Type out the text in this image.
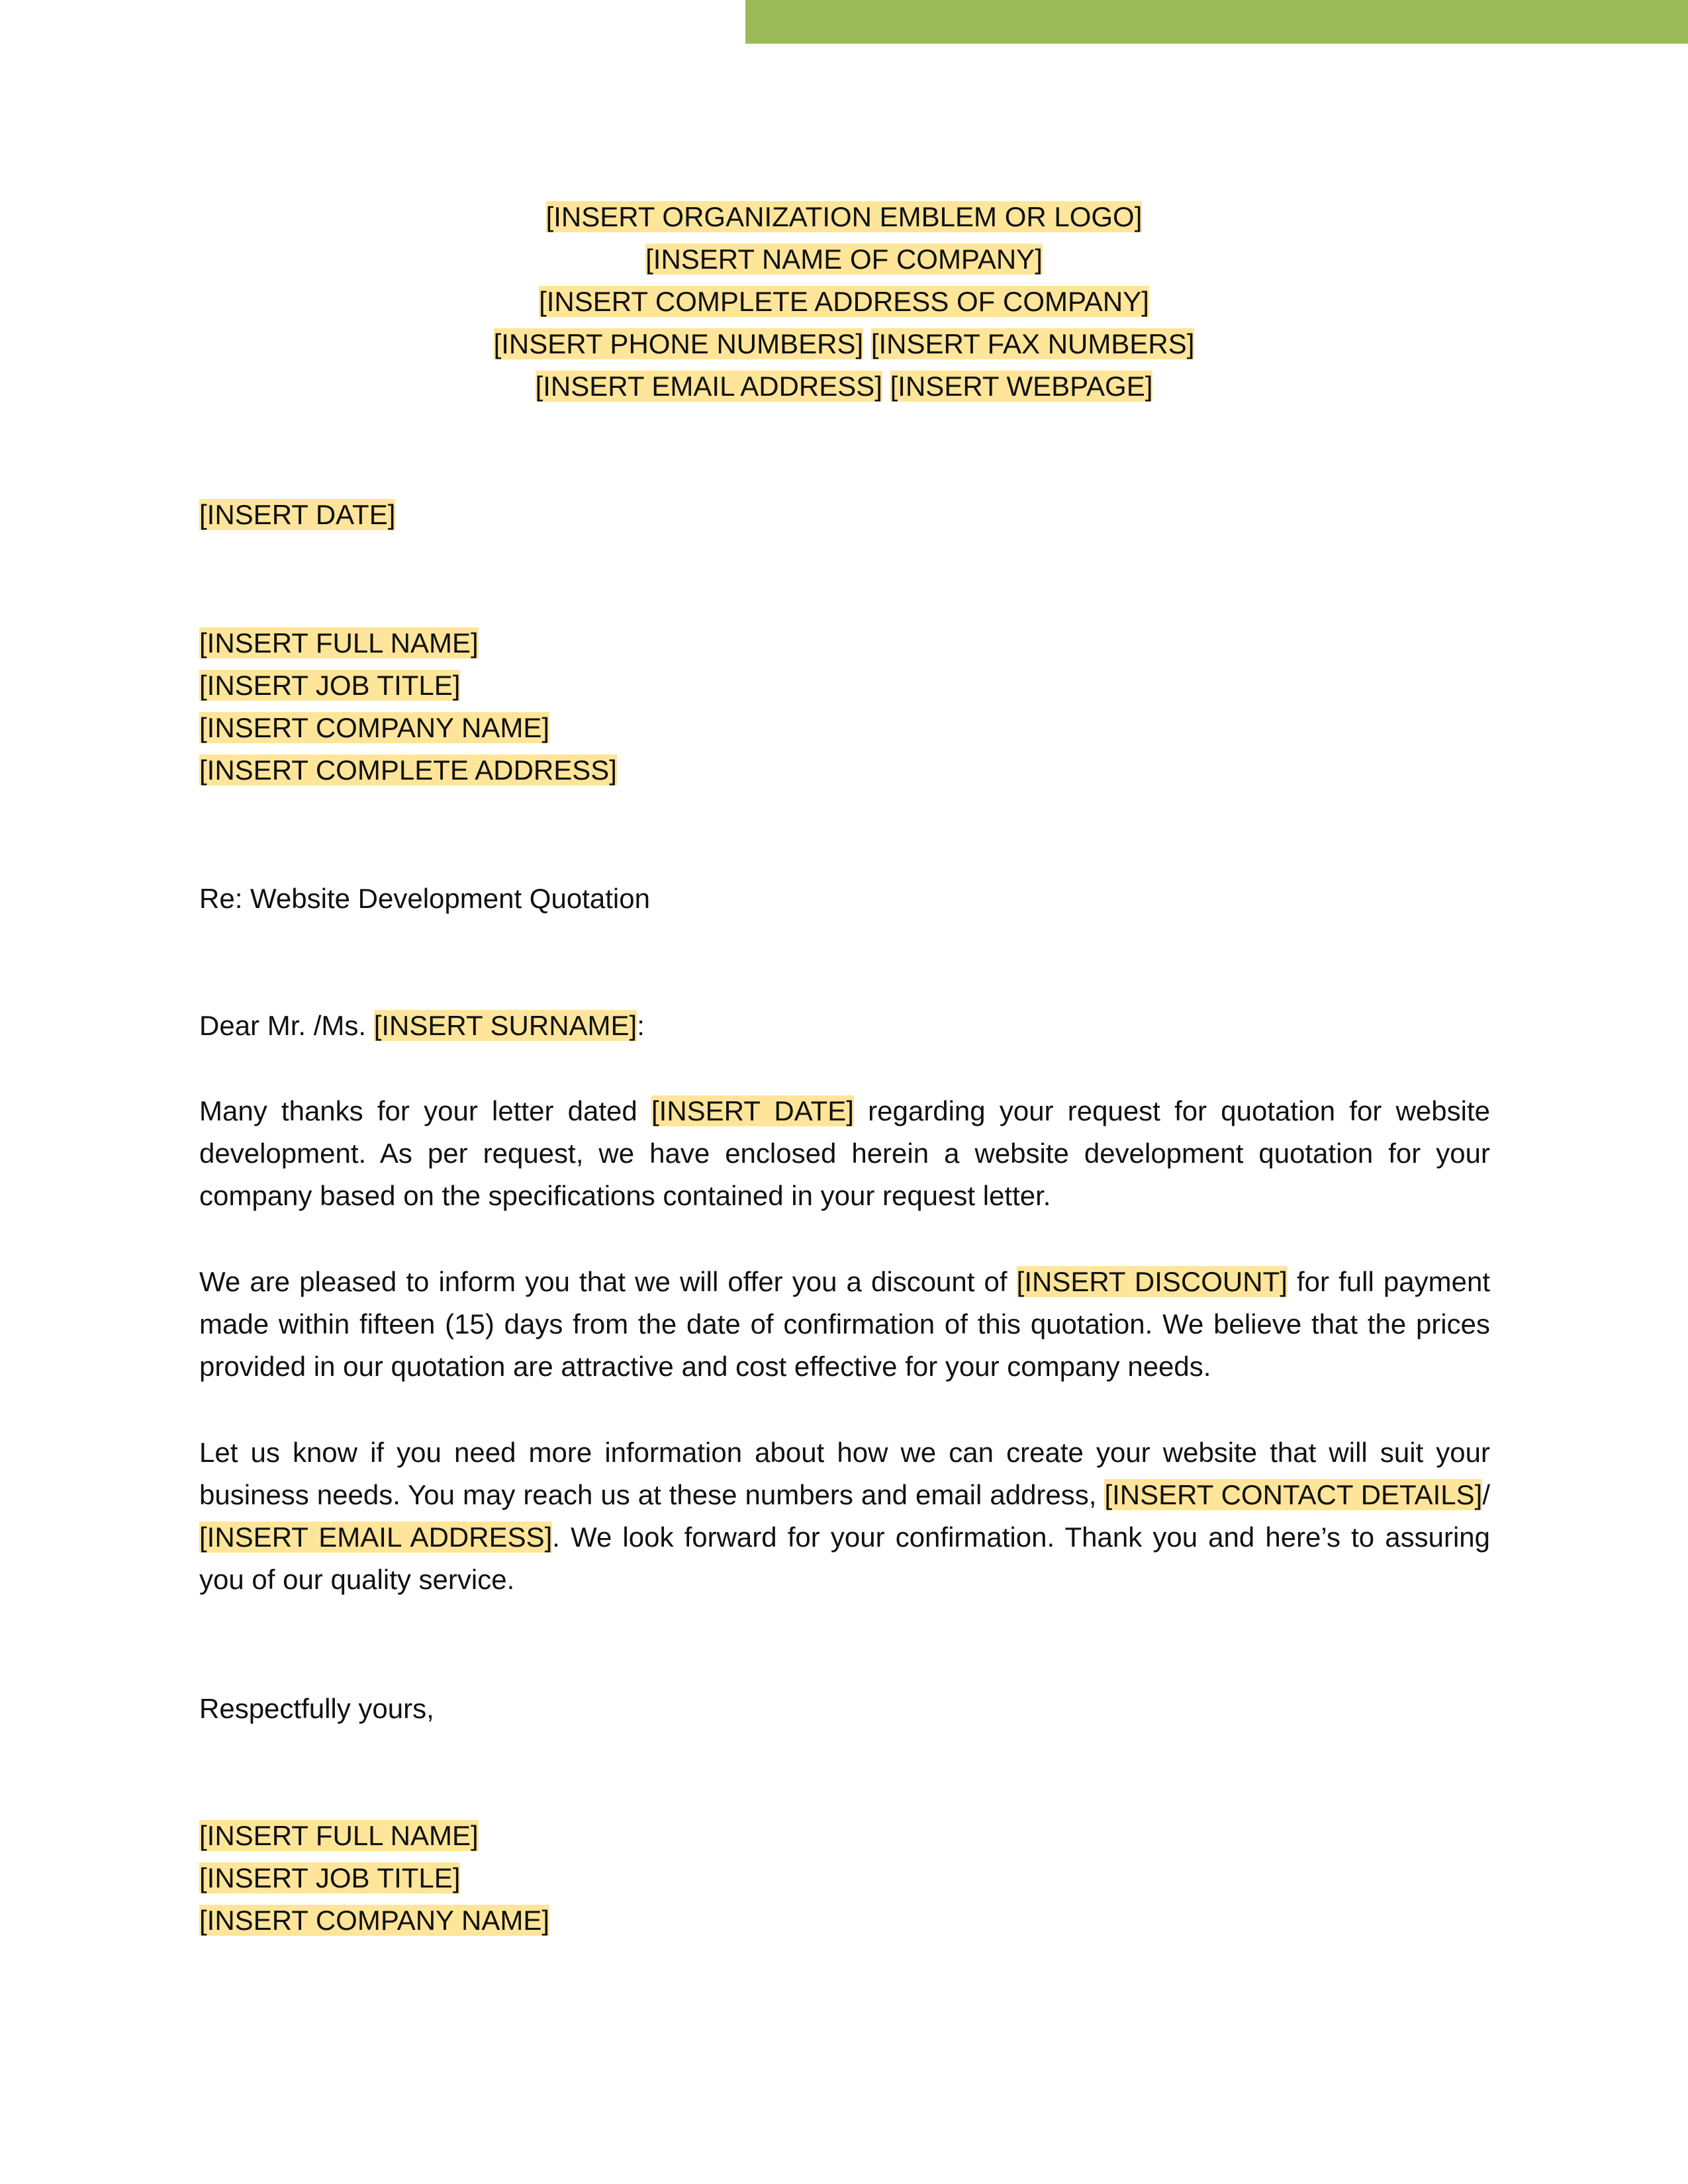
[INSERT ORGANIZATION EMBLEM OR LOGO]
[INSERT NAME OF COMPANY]
[INSERT COMPLETE ADDRESS OF COMPANY]
[INSERT PHONE NUMBERS] [INSERT FAX NUMBERS]
[INSERT EMAIL ADDRESS] [INSERT WEBPAGE]
[INSERT DATE]
[INSERT FULL NAME]
[INSERT JOB TITLE]
[INSERT COMPANY NAME]
[INSERT COMPLETE ADDRESS]
Re: Website Development Quotation
Dear Mr. /Ms. [INSERT SURNAME]:
Many thanks for your letter dated [INSERT DATE] regarding your request for quotation for website development. As per request, we have enclosed herein a website development quotation for your company based on the specifications contained in your request letter.
We are pleased to inform you that we will offer you a discount of [INSERT DISCOUNT] for full payment made within fifteen (15) days from the date of confirmation of this quotation. We believe that the prices provided in our quotation are attractive and cost effective for your company needs.
Let us know if you need more information about how we can create your website that will suit your business needs. You may reach us at these numbers and email address, [INSERT CONTACT DETAILS]/ [INSERT EMAIL ADDRESS]. We look forward for your confirmation. Thank you and here’s to assuring you of our quality service.
Respectfully yours,
[INSERT FULL NAME]
[INSERT JOB TITLE]
[INSERT COMPANY NAME]
